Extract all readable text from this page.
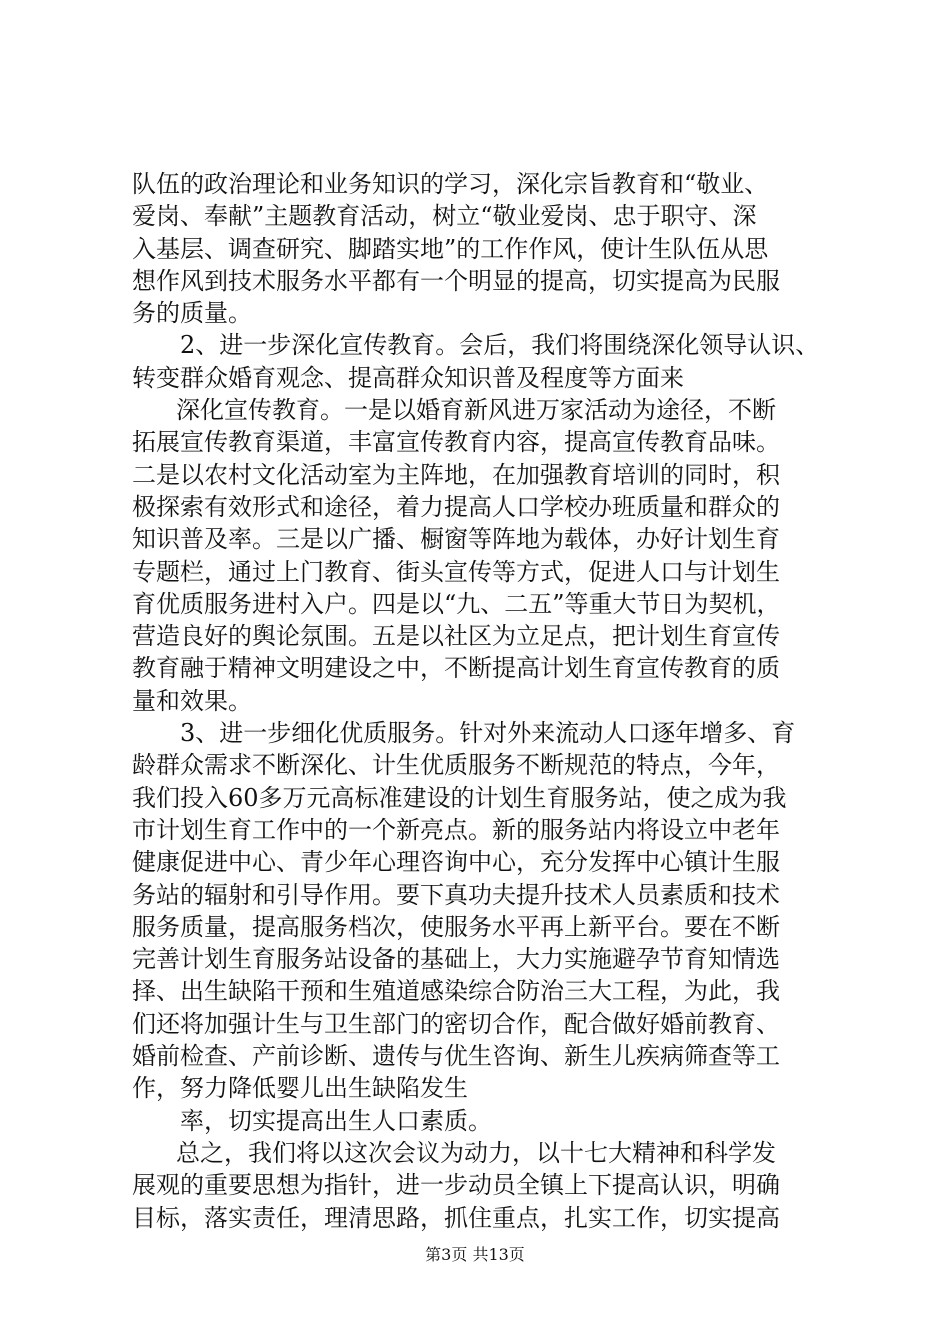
队伍的政治理论和业务知识的学习，深化宗旨教育和“敬业、
爱岗、奉献”主题教育活动，树立“敬业爱岗、忠于职守、深
入基层、调查研究、脚踏实地”的工作作风，使计生队伍从思
想作风到技术服务水平都有一个明显的提高，切实提高为民服
务的质量。
2、进一步深化宣传教育。会后，我们将围绕深化领导认识、
转变群众婚育观念、提高群众知识普及程度等方面来
深化宣传教育。一是以婚育新风进万家活动为途径，不断
拓展宣传教育渠道，丰富宣传教育内容，提高宣传教育品味。
二是以农村文化活动室为主阵地，在加强教育培训的同时，积
极探索有效形式和途径，着力提高人口学校办班质量和群众的
知识普及率。三是以广播、橱窗等阵地为载体，办好计划生育
专题栏，通过上门教育、街头宣传等方式，促进人口与计划生
育优质服务进村入户。四是以“九、二五”等重大节日为契机，
营造良好的舆论氛围。五是以社区为立足点，把计划生育宣传
教育融于精神文明建设之中，不断提高计划生育宣传教育的质
量和效果。
3、进一步细化优质服务。针对外来流动人口逐年增多、育
龄群众需求不断深化、计生优质服务不断规范的特点，今年，
我们投入60多万元高标准建设的计划生育服务站，使之成为我
市计划生育工作中的一个新亮点。新的服务站内将设立中老年
健康促进中心、青少年心理咨询中心，充分发挥中心镇计生服
务站的辐射和引导作用。要下真功夫提升技术人员素质和技术
服务质量，提高服务档次，使服务水平再上新平台。要在不断
完善计划生育服务站设备的基础上，大力实施避孕节育知情选
择、出生缺陷干预和生殖道感染综合防治三大工程，为此，我
们还将加强计生与卫生部门的密切合作，配合做好婚前教育、
婚前检查、产前诊断、遗传与优生咨询、新生儿疾病筛查等工
作，努力降低婴儿出生缺陷发生
率，切实提高出生人口素质。
总之，我们将以这次会议为动力，以十七大精神和科学发
展观的重要思想为指针，进一步动员全镇上下提高认识，明确
目标，落实责任，理清思路，抓住重点，扎实工作，切实提高
第3页 共13页
